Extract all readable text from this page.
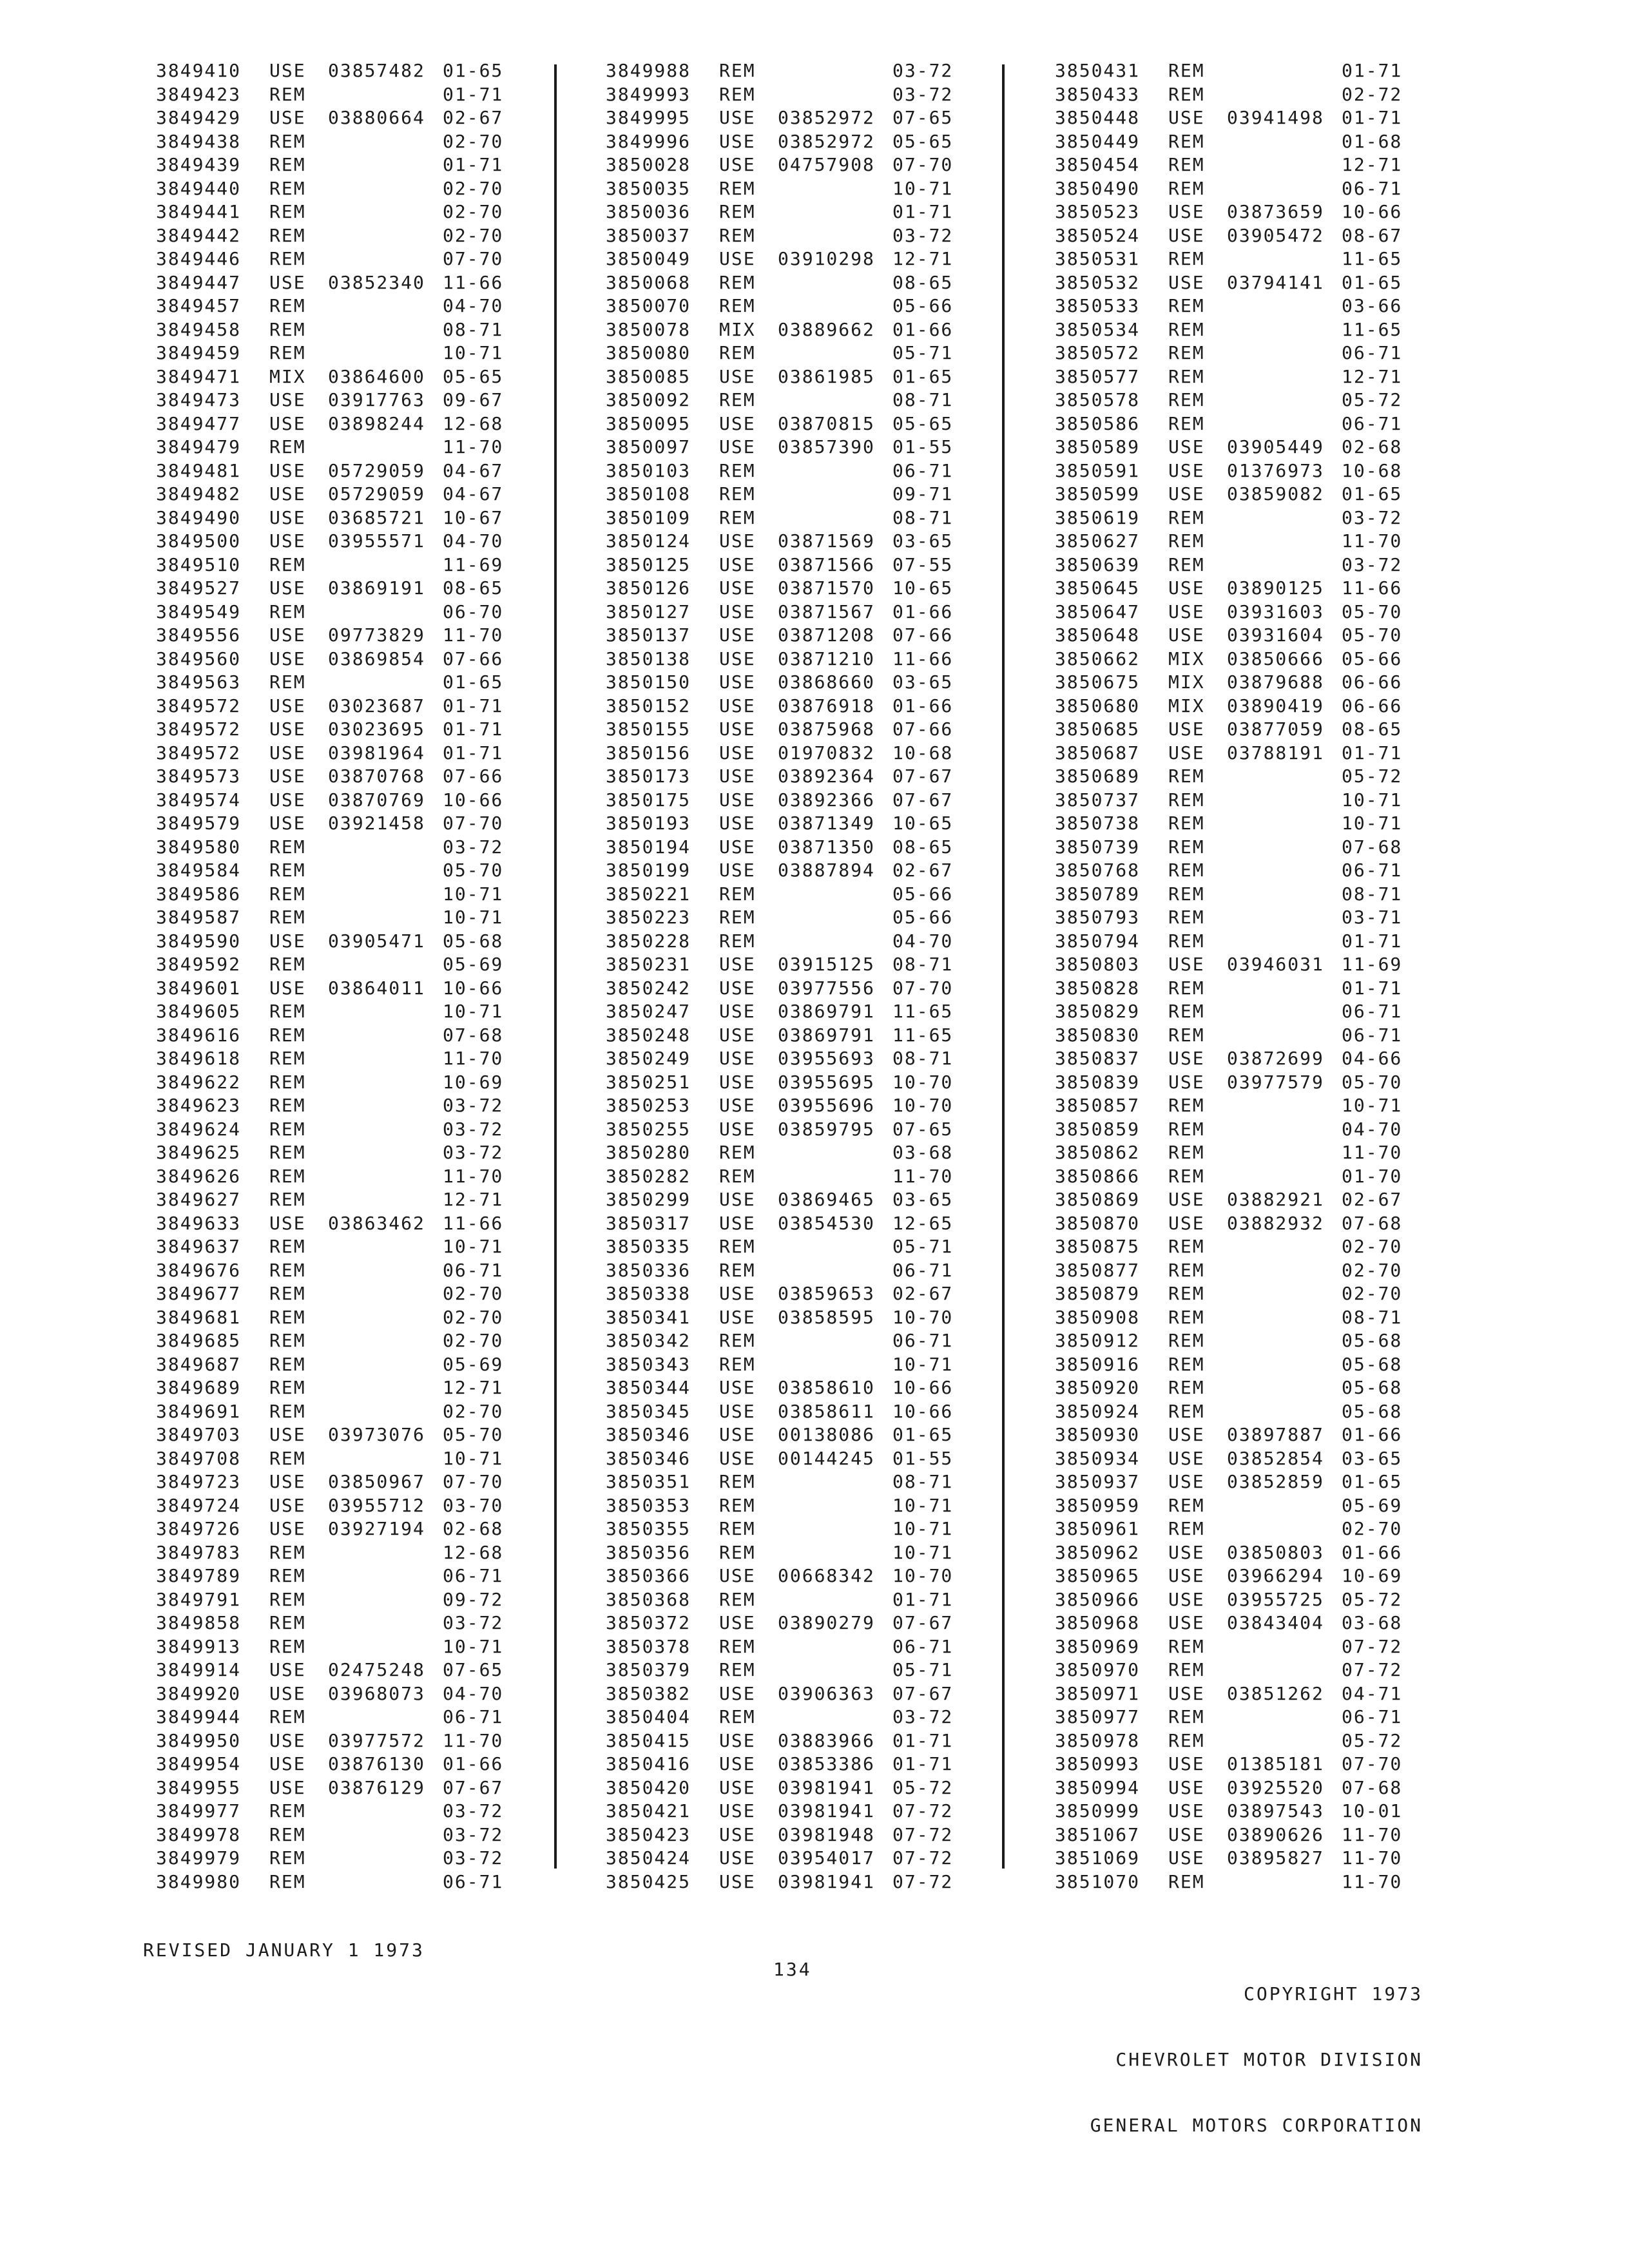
3849410 USE 03857482 01-65
3849423 REM	01-71
3849429 USE 03880664 02-67
3849438 REM	02-70
3849439 REM	01-71
3849440 REM	02-70
3849441 REM	02-70
3849442 REM	02-70
3849446 REM	07-70
3849447 USE 03852340 11-66
3849457 REM	04-70
3849458 REM	08-71
3849459 REM	10-71
3849471 MIX 03864600 05-65
3849473 USE 03917763 09-67
3849477 USE 03898244 12-68
3849479 REM	11-70
3849481 USE 05729059 04-67
3849482 USE 05729059 04-67
3849490 USE 03685721 10-67
3849500 USE 03955571 04-70
3849510 REM	11-69
3849527 USE 03869191 08-65
3849549 REM	06-70
3849556 USE 09773829 11-70
3849560 USE 03869854 07-66
3849563 REM	01-65
3849572 USE 03023687 01-71
3849572 USE 03023695 01-71
3849572 USE 03981964 01-71
3849573 USE 03870768 07-66
3849574 USE 03870769 10-66
3849579 USE 03921458 07-70
3849580 REM	03-72
3849584 REM	05-70
3849586 REM	10-71
3849587 REM	10-71
3849590 USE 03905471 05-68
3849592 REM	05-69
3849601 USE 03864011 10-66
3849605 REM	10-71
3849616 REM	07-68
3849618 REM	11-70
3849622 REM	10-69
3849623 REM	03-72
3849624 REM	03-72
3849625 REM	03-72
3849626 REM	11-70
3849627 REM	12-71
3849633 USE 03863462 11-66
3849637 REM	10-71
3849676 REM	06-71
3849677 REM	02-70
3849681 REM	02-70
3849685 REM	02-70
3849687 REM	05-69
3849689 REM	12-71
3849691 REM	02-70
3849703 USE 03973076 05-70
3849708 REM	10-71
3849723 USE 03850967 07-70
3849724 USE 03955712 03-70
3849726 USE 03927194 02-68
3849783 REM	12-68
3849789 REM	06-71
3849791 REM	09-72
3849858 REM	03-72
3849913 REM	10-71
3849914 USE 02475248 07-65
3849920 USE 03968073 04-70
3849944 REM	06-71
3849950 USE 03977572 11-70
3849954 USE 03876130 01-66
3849955 USE 03876129 07-67
3849977 REM	03-72
3849978 REM	03-72
3849979 REM	03-72
3849980 REM	06-71
3849988 REM	03-72
3849993 REM	03-72
3849995 USE 03852972 07-65
3849996 USE 03852972 05-65
3850028 USE 04757908 07-70
3850035 REM	10-71
3850036 REM	01-71
3850037 REM	03-72
3850049 USE 03910298 12-71
3850068 REM	08-65
3850070 REM	05-66
3850078 MIX 03889662 01-66
3850080 REM	05-71
3850085 USE 03861985 01-65
3850092 REM	08-71
3850095 USE 03870815 05-65
3850097 USE 03857390 01-55
3850103 REM	06-71
3850108 REM	09-71
3850109 REM	08-71
3850124 USE 03871569 03-65
3850125 USE 03871566 07-55
3850126 USE 03871570 10-65
3850127 USE 03871567 01-66
3850137 USE 03871208 07-66
3850138 USE 03871210 11-66
3850150 USE 03868660 03-65
3850152 USE 03876918 01-66
3850155 USE 03875968 07-66
3850156 USE 01970832 10-68
3850173 USE 03892364 07-67
3850175 USE 03892366 07-67
3850193 USE 03871349 10-65
3850194 USE 03871350 08-65
3850199 USE 03887894 02-67
3850221 REM	05-66
3850223 REM	05-66
3850228 REM	04-70
3850231 USE 03915125 08-71
3850242 USE 03977556 07-70
3850247 USE 03869791 11-65
3850248 USE 03869791 11-65
3850249 USE 03955693 08-71
3850251 USE 03955695 10-70
3850253 USE 03955696 10-70
3850255 USE 03859795 07-65
3850280 REM	03-68
3850282 REM	11-70
3850299 USE 03869465 03-65
3850317 USE 03854530 12-65
3850335 REM	05-71
3850336 REM	06-71
3850338 USE 03859653 02-67
3850341 USE 03858595 10-70
3850342 REM	06-71
3850343 REM	10-71
3850344 USE 03858610 10-66
3850345 USE 03858611 10-66
3850346 USE 00138086 01-65
3850346 USE 00144245 01-55
3850351 REM	08-71
3850353 REM	10-71
3850355 REM	10-71
3850356 REM	10-71
3850366 USE 00668342 10-70
3850368 REM	01-71
3850372 USE 03890279 07-67
3850378 REM	06-71
3850379 REM	05-71
3850382 USE 03906363 07-67
3850404 REM	03-72
3850415 USE 03883966 01-71
3850416 USE 03853386 01-71
3850420 USE 03981941 05-72
3850421 USE 03981941 07-72
3850423 USE 03981948 07-72
3850424 USE 03954017 07-72
3850425 USE 03981941 07-72
3850431 REM	01-71
3850433 REM	02-72
3850448 USE 03941498 01-71
3850449 REM	01-68
3850454 REM	12-71
3850490 REM	06-71
3850523 USE 03873659 10-66
3850524 USE 03905472 08-67
3850531 REM	11-65
3850532 USE 03794141 01-65
3850533 REM	03-66
3850534 REM	11-65
3850572 REM	06-71
3850577 REM	12-71
3850578 REM	05-72
3850586 REM	06-71
3850589 USE 03905449 02-68
3850591 USE 01376973 10-68
3850599 USE 03859082 01-65
3850619 REM	03-72
3850627 REM	11-70
3850639 REM	03-72
3850645 USE 03890125 11-66
3850647 USE 03931603 05-70
3850648 USE 03931604 05-70
3850662 MIX 03850666 05-66
3850675 MIX 03879688 06-66
3850680 MIX 03890419 06-66
3850685 USE 03877059 08-65
3850687 USE 03788191 01-71
3850689 REM	05-72
3850737 REM	10-71
3850738 REM	10-71
3850739 REM	07-68
3850768 REM	06-71
3850789 REM	08-71
3850793 REM	03-71
3850794 REM	01-71
3850803 USE 03946031 11-69
3850828 REM	01-71
3850829 REM	06-71
3850830 REM	06-71
3850837 USE 03872699 04-66
3850839 USE 03977579 05-70
3850857 REM	10-71
3850859 REM	04-70
3850862 REM	11-70
3850866 REM	01-70
3850869 USE 03882921 02-67
3850870 USE 03882932 07-68
3850875 REM	02-70
3850877 REM	02-70
3850879 REM	02-70
3850908 REM	08-71
3850912 REM	05-68
3850916 REM	05-68
3850920 REM	05-68
3850924 REM	05-68
3850930 USE 03897887 01-66
3850934 USE 03852854 03-65
3850937 USE 03852859 01-65
3850959 REM	05-69
3850961 REM	02-70
3850962 USE 03850803 01-66
3850965 USE 03966294 10-69
3850966 USE 03955725 05-72
3850968 USE 03843404 03-68
3850969 REM	07-72
3850970 REM	07-72
3850971 USE 03851262 04-71
3850977 REM	06-71
3850978 REM	05-72
3850993 USE 01385181 07-70
3850994 USE 03925520 07-68
3850999 USE 03897543 10-01
3851067 USE 03890626 11-70
3851069 USE 03895827 11-70
3851070 REM	11-70
REVISED JANUARY 1 1973
134

COPYRIGHT 1973

CHEVROLET MOTOR DIVISION

GENERAL MOTORS CORPORATION
